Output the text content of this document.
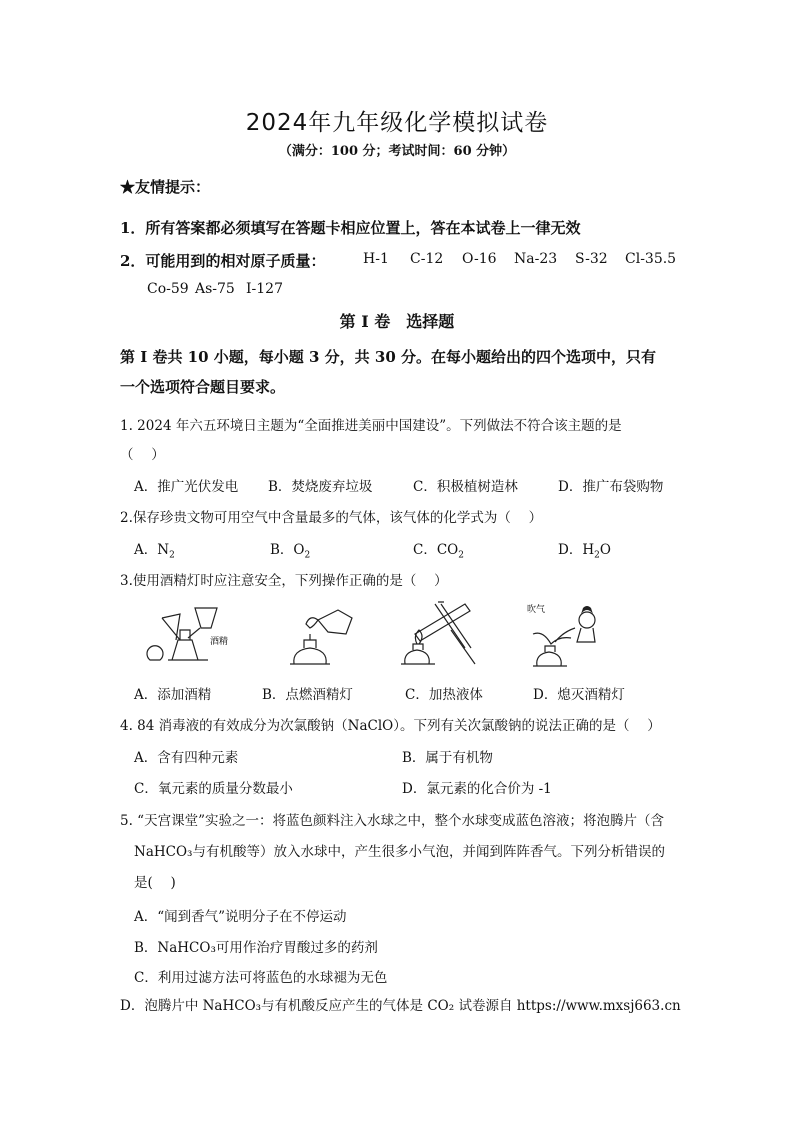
2024年九年级化学模拟试卷
（满分：100 分；考试时间：60 分钟）
★友情提示：
1．所有答案都必须填写在答题卡相应位置上，答在本试卷上一律无效
2．可能用到的相对原子质量：	H-1 C-12 O-16 Na-23 S-32 Cl-35.5
Co-59 As-75 I-127
第 I 卷　选择题
第 I 卷共 10 小题，每小题 3 分，共 30 分。在每小题给出的四个选项中，只有
一个选项符合题目要求。
1. 2024 年六五环境日主题为“全面推进美丽中国建设”。下列做法不符合该主题的是
（　 ）
A．推广光伏发电 B．焚烧废弃垃圾	C．积极植树造林	D．推广布袋购物
2.保存珍贵文物可用空气中含量最多的气体，该气体的化学式为（　 ）
A．$N_2$	B．$O_2$	C．$CO_2$	D．$H_2O$
3.使用酒精灯时应注意安全，下列操作正确的是（　 ）
酒精
吹气
A．添加酒精	B．点燃酒精灯	C．加热液体	D．熄灭酒精灯
4. 84 消毒液的有效成分为次氯酸钠（NaClO）。下列有关次氯酸钠的说法正确的是（　 ）
A．含有四种元素	B．属于有机物
C．氧元素的质量分数最小	D．氯元素的化合价为 -1
5. “天宫课堂”实验之一：将蓝色颜料注入水球之中，整个水球变成蓝色溶液；将泡腾片（含
NaHCO₃与有机酸等）放入水球中，产生很多小气泡，并闻到阵阵香气。下列分析错误的
是(　 )
A．“闻到香气”说明分子在不停运动
B．NaHCO₃可用作治疗胃酸过多的药剂
C．利用过滤方法可将蓝色的水球褪为无色
D．泡腾片中 NaHCO₃与有机酸反应产生的气体是 CO₂ 试卷源自 https://www.mxsj663.cn
